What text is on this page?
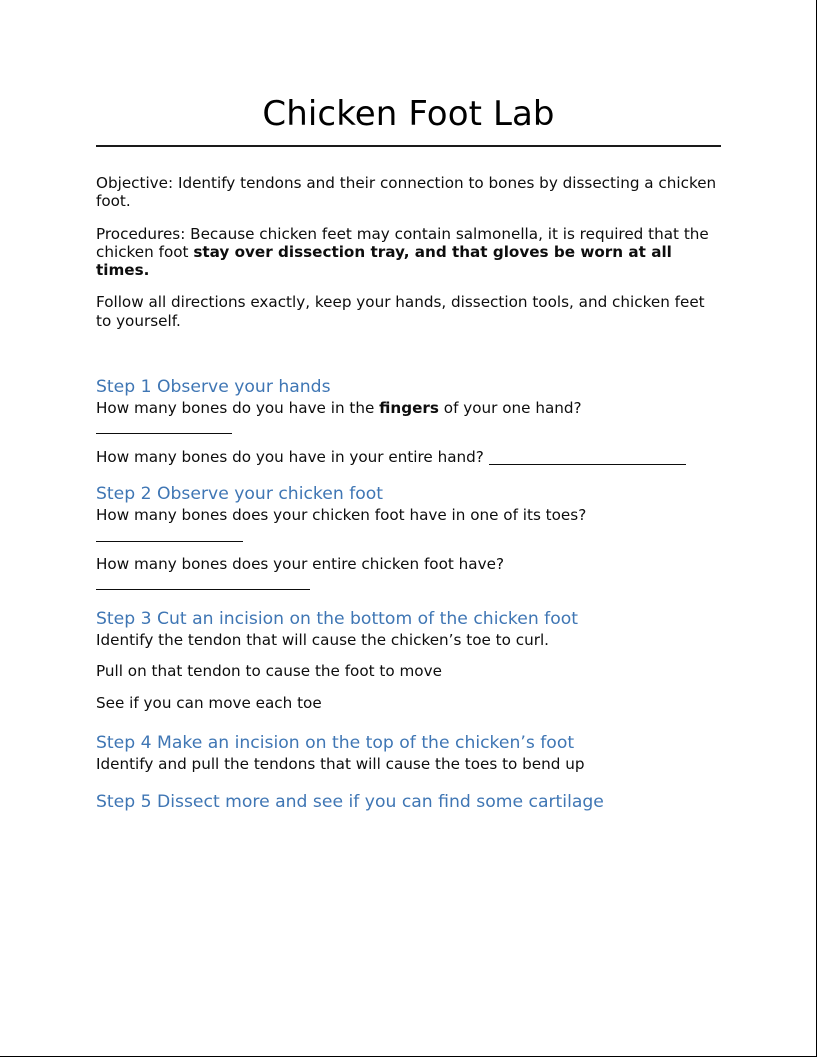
Chicken Foot Lab

Objective: Identify tendons and their connection to bones by dissecting a chicken foot.

Procedures: Because chicken feet may contain salmonella, it is required that the chicken foot stay over dissection tray, and that gloves be worn at all times.

Follow all directions exactly, keep your hands, dissection tools, and chicken feet to yourself.

Step 1 Observe your hands

How many bones do you have in the fingers of your one hand?

How many bones do you have in your entire hand?

Step 2 Observe your chicken foot

How many bones does your chicken foot have in one of its toes?

How many bones does your entire chicken foot have?

Step 3 Cut an incision on the bottom of the chicken foot

Identify the tendon that will cause the chicken’s toe to curl.

Pull on that tendon to cause the foot to move

See if you can move each toe

Step 4 Make an incision on the top of the chicken’s foot

Identify and pull the tendons that will cause the toes to bend up

Step 5 Dissect more and see if you can find some cartilage
